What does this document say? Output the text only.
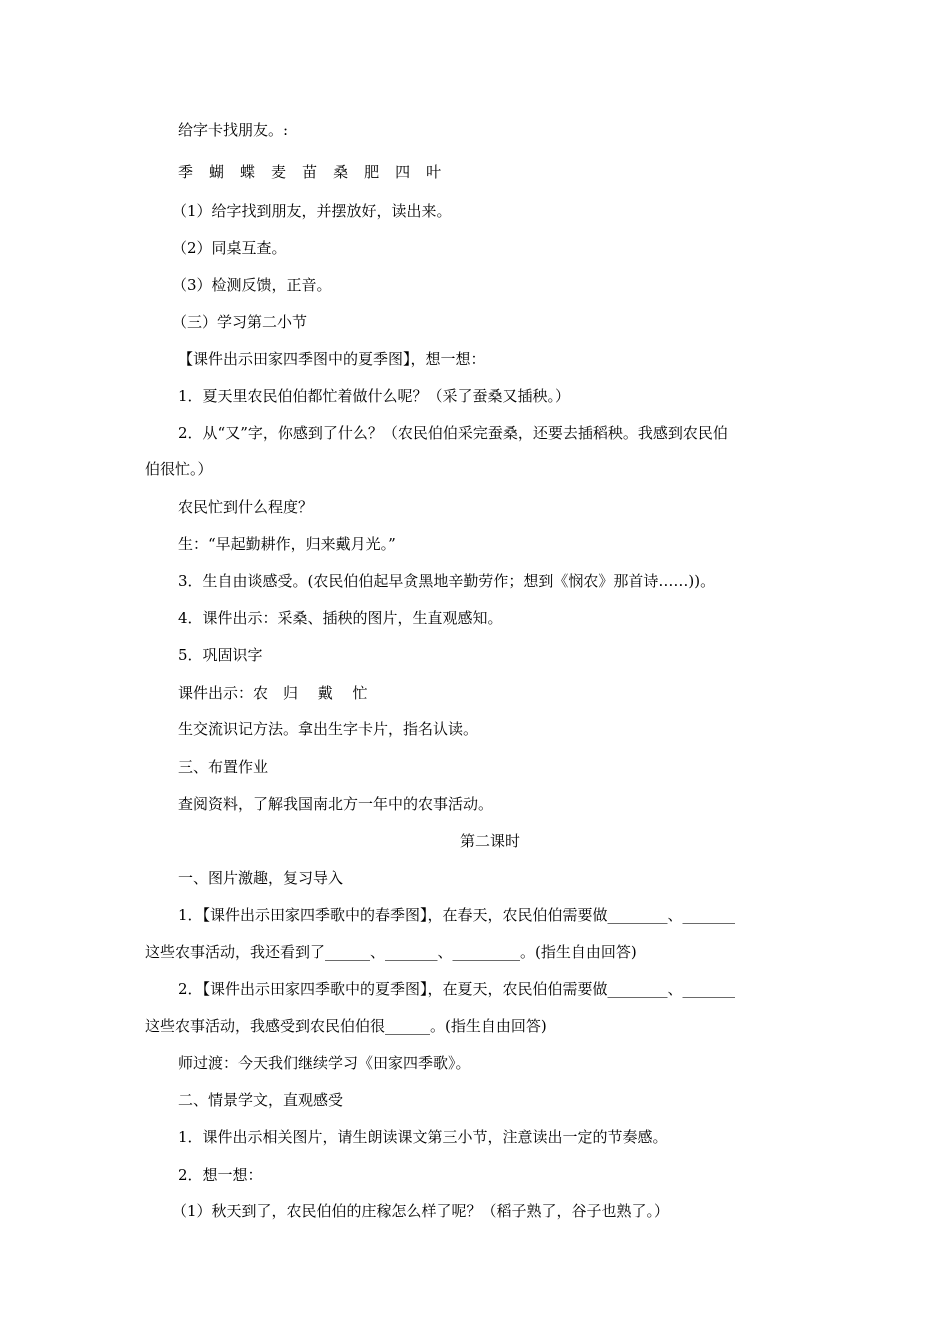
给字卡找朋友。:
季 蝴 蝶 麦 苗 桑 肥 四 叶
（1）给字找到朋友，并摆放好，读出来。
（2）同桌互查。
（3）检测反馈，正音。
（三）学习第二小节
【课件出示田家四季图中的夏季图】，想一想：
1．夏天里农民伯伯都忙着做什么呢？（采了蚕桑又插秧。）
2．从“又”字，你感到了什么？（农民伯伯采完蚕桑，还要去插稻秧。我感到农民伯
伯很忙。）
农民忙到什么程度？
生：“早起勤耕作，归来戴月光。”
3．生自由谈感受。(农民伯伯起早贪黑地辛勤劳作；想到《悯农》那首诗……))。
4．课件出示：采桑、插秧的图片，生直观感知。
5．巩固识字
课件出示：农　归　 戴　 忙
生交流识记方法。拿出生字卡片，指名认读。
三、布置作业
查阅资料，了解我国南北方一年中的农事活动。
第二课时
一、图片激趣，复习导入
1．【课件出示田家四季歌中的春季图】，在春天，农民伯伯需要做________、_______
这些农事活动，我还看到了______、_______、_________。(指生自由回答)
2．【课件出示田家四季歌中的夏季图】，在夏天，农民伯伯需要做________、_______
这些农事活动，我感受到农民伯伯很______。(指生自由回答)
师过渡：今天我们继续学习《田家四季歌》。
二、情景学文，直观感受
1．课件出示相关图片，请生朗读课文第三小节，注意读出一定的节奏感。
2．想一想：
（1）秋天到了，农民伯伯的庄稼怎么样了呢？（稻子熟了，谷子也熟了。）
